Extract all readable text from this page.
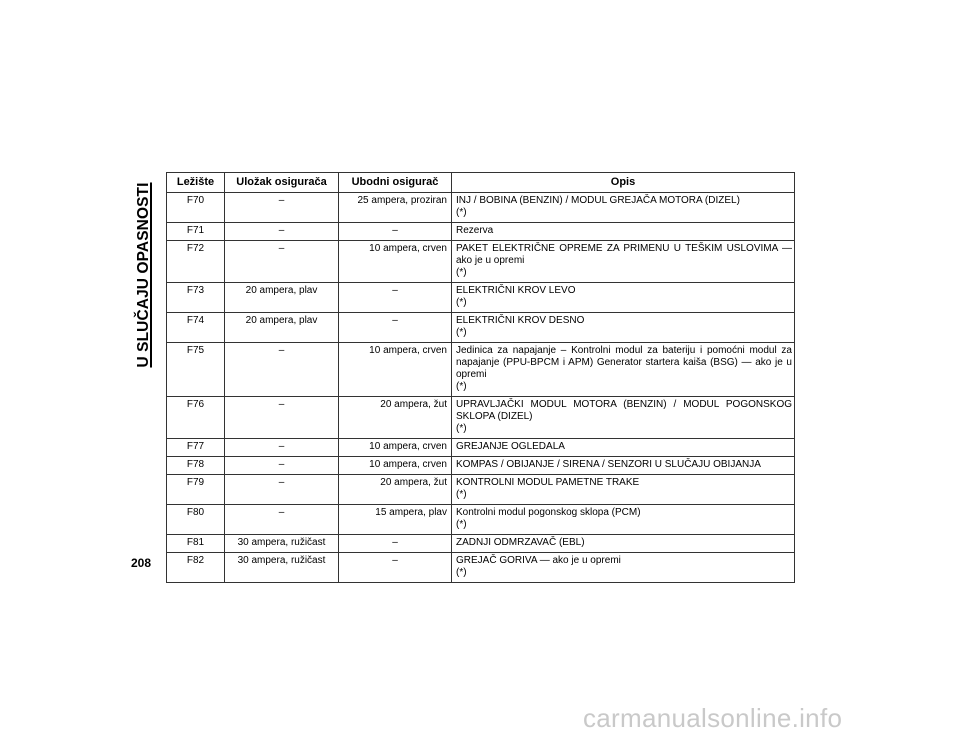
U SLUČAJU OPASNOSTI
208
Ležište	Uložak osigurača	Ubodni osigurač	Opis
F70	–	25 ampera, proziran	INJ / BOBINA (BENZIN) / MODUL GREJAČA MOTORA (DIZEL)
(*)

F71	–	–	Rezerva
F72	–	10 ampera, crven	PAKET ELEKTRIČNE OPREME ZA PRIMENU U TEŠKIM USLOVIMA — ako je u opremi
(*)

F73	20 ampera, plav	–	ELEKTRIČNI KROV LEVO
(*)

F74	20 ampera, plav	–	ELEKTRIČNI KROV DESNO
(*)

F75	–	10 ampera, crven	Jedinica za napajanje – Kontrolni modul za bateriju i pomoćni modul za napajanje (PPU-BPCM i APM) Generator startera kaiša (BSG) — ako je u opremi
(*)

F76	–	20 ampera, žut	UPRAVLJAČKI MODUL MOTORA (BENZIN) / MODUL POGONSKOG SKLOPA (DIZEL)
(*)

F77	–	10 ampera, crven	GREJANJE OGLEDALA
F78	–	10 ampera, crven	KOMPAS / OBIJANJE / SIRENA / SENZORI U SLUČAJU OBIJANJA
F79	–	20 ampera, žut	KONTROLNI MODUL PAMETNE TRAKE
(*)

F80	–	15 ampera, plav	Kontrolni modul pogonskog sklopa (PCM)
(*)

F81	30 ampera, ružičast	–	ZADNJI ODMRZAVAČ (EBL)
F82	30 ampera, ružičast	–	GREJAČ GORIVA — ako je u opremi
(*)
carmanualsonline.info
